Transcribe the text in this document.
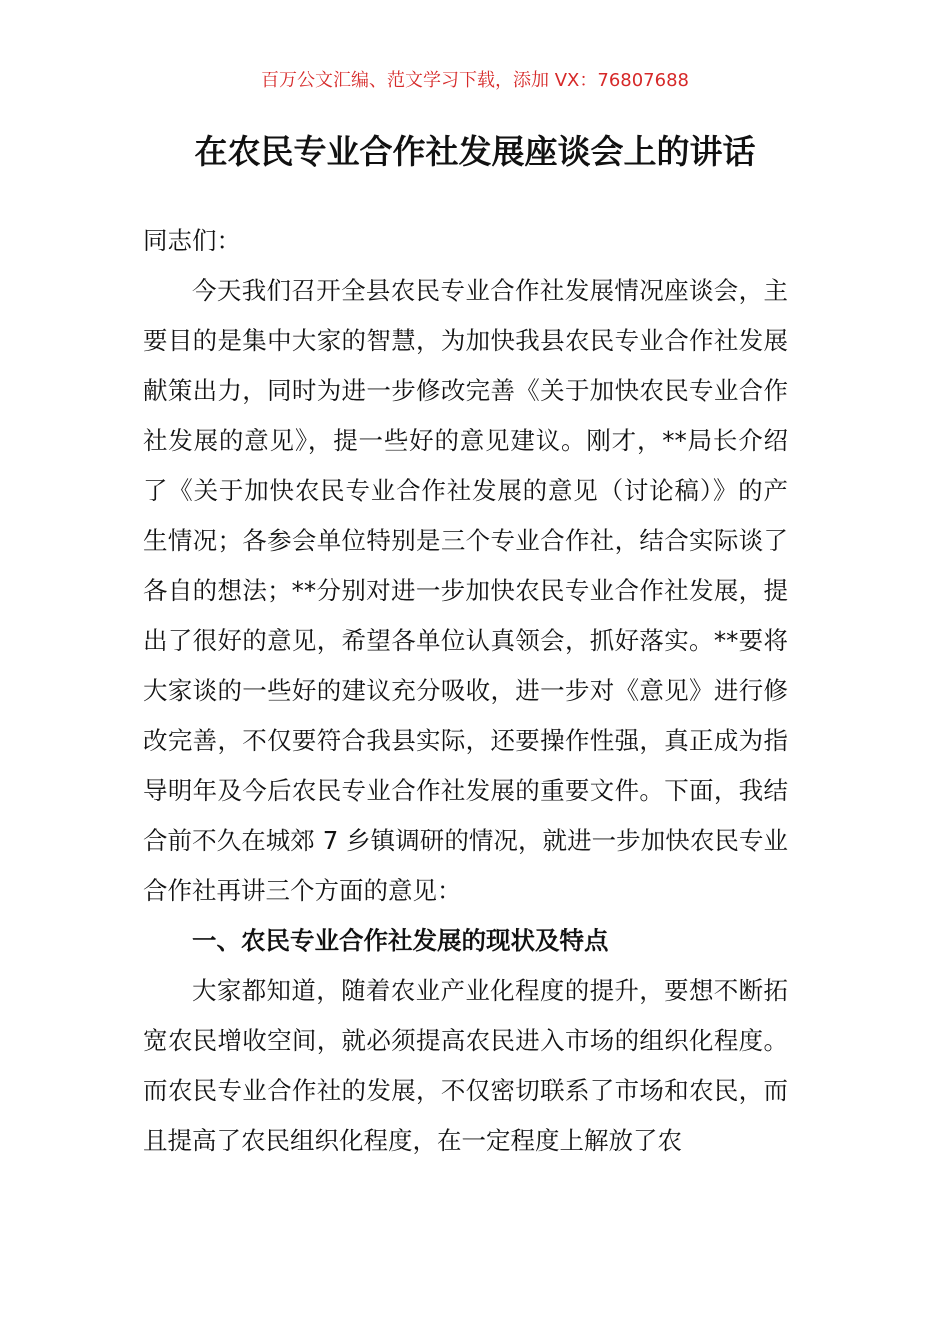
百万公文汇编、范文学习下载，添加 VX：76807688
在农民专业合作社发展座谈会上的讲话

同志们：

今天我们召开全县农民专业合作社发展情况座谈会，主要目的是集中大家的智慧，为加快我县农民专业合作社发展献策出力，同时为进一步修改完善《关于加快农民专业合作社发展的意见》，提一些好的意见建议。刚才，**局长介绍了《关于加快农民专业合作社发展的意见（讨论稿）》的产生情况；各参会单位特别是三个专业合作社，结合实际谈了各自的想法；**分别对进一步加快农民专业合作社发展，提出了很好的意见，希望各单位认真领会，抓好落实。**要将大家谈的一些好的建议充分吸收，进一步对《意见》进行修改完善，不仅要符合我县实际，还要操作性强，真正成为指导明年及今后农民专业合作社发展的重要文件。下面，我结合前不久在城郊 7 乡镇调研的情况，就进一步加快农民专业合作社再讲三个方面的意见：

一、农民专业合作社发展的现状及特点

大家都知道，随着农业产业化程度的提升，要想不断拓宽农民增收空间，就必须提高农民进入市场的组织化程度。而农民专业合作社的发展，不仅密切联系了市场和农民，而且提高了农民组织化程度，在一定程度上解放了农
